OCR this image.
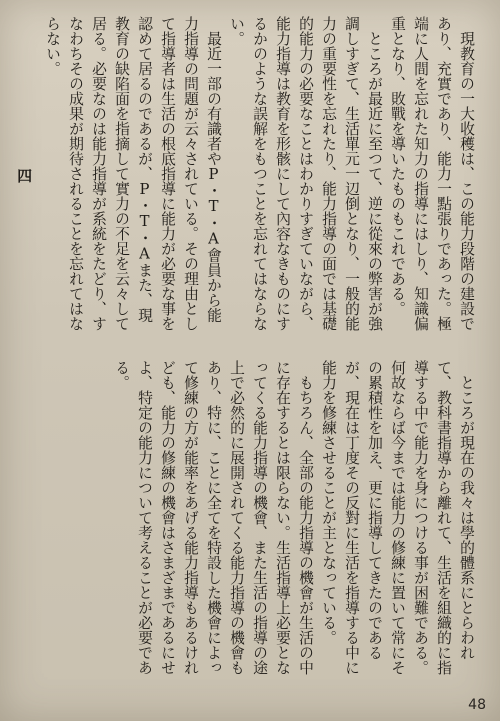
現教育の一大收穫は、この能力段階の建設であり、充實であり、能力一點張りであった。極端に人間を忘れた知力の指導にはしり、知識偏重となり、敗戰を導いたものもこれである。
ところが最近に至つて、逆に從來の弊害が強調しすぎて、生活單元一辺倒となり、一般的能力の重要性を忘れたり、能力指導の面では基礎的能力の必要なことはわかりすぎていながら、能力指導は教育を形骸にして內容なきものにするかのような誤解をもつことを忘れてはならない。
最近一部の有識者やP・T・A會員から能力指導の問題が云々されている。その理由として指導者は生活の根底指導に能力が必要な事を認めて居るのであるが、P・T・Aまた、現教育の缺陷面を指摘して實力の不足を云々して居る。必要なのは能力指導が系統をたどり、すなわちその成果が期待されることを忘れてはならない。
四
ところが現在の我々は學的體系にとらわれて、教科書指導から離れて、生活を組織的に指導する中で能力を身につける事が困難である。何故ならば今までは能力の修練に置いて常にその累積性を加え、更に指導してきたのであるが、現在は丁度その反對に生活を指導する中に能力を修練させることが主となっている。
もちろん、全部の能力指導の機會が生活の中に存在するとは限らない。生活指導上必要となってくる能力指導の機會、また生活の指導の途上で必然的に展開されてくる能力指導の機會もあり、特に、ことに全てを特設した機會によって修練の方が能率をあげる能力指導もあるけれども、能力の修練の機會はさまざまであるにせよ、特定の能力について考えることが必要である。
48
